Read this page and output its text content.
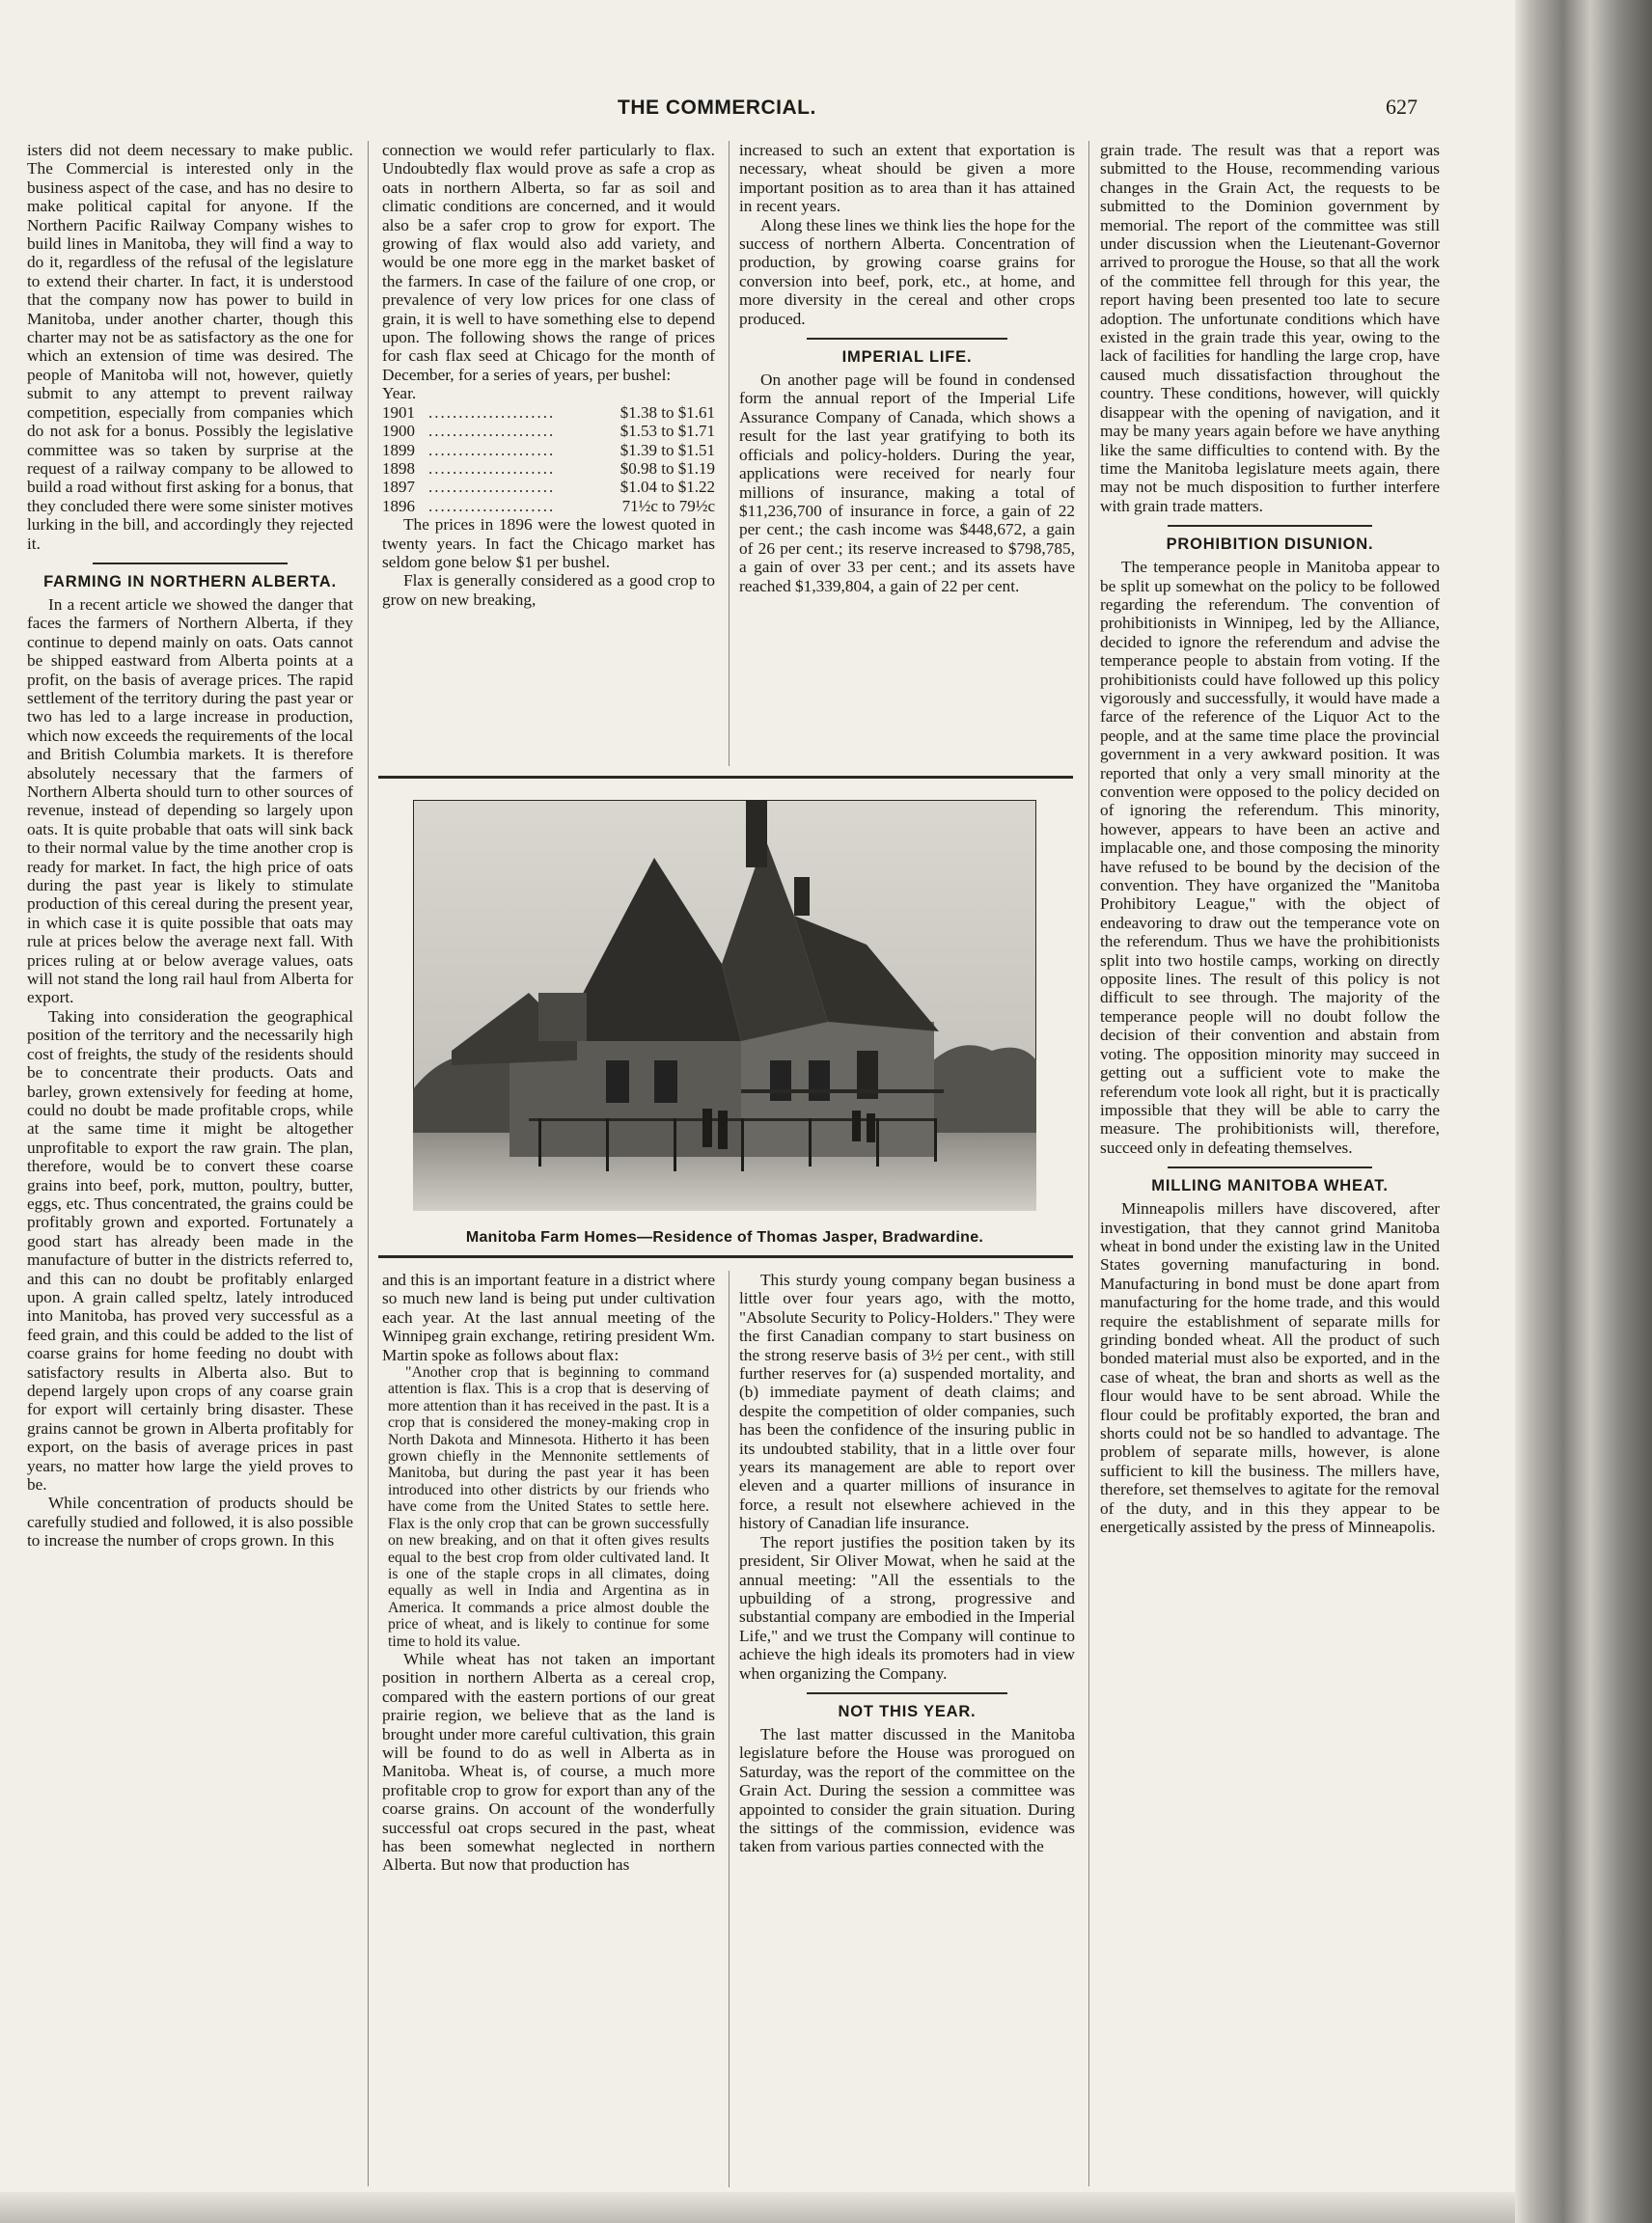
THE COMMERCIAL.	627

isters did not deem necessary to make public. The Commercial is interested only in the business aspect of the case, and has no desire to make political capital for anyone. If the Northern Pacific Railway Company wishes to build lines in Manitoba, they will find a way to do it, regardless of the refusal of the legislature to extend their charter. In fact, it is understood that the company now has power to build in Manitoba, under another charter, though this charter may not be as satisfactory as the one for which an extension of time was desired. The people of Manitoba will not, however, quietly submit to any attempt to prevent railway competition, especially from companies which do not ask for a bonus. Possibly the legislative committee was so taken by surprise at the request of a railway company to be allowed to build a road without first asking for a bonus, that they concluded there were some sinister motives lurking in the bill, and accordingly they rejected it.

FARMING IN NORTHERN ALBERTA.

In a recent article we showed the danger that faces the farmers of Northern Alberta, if they continue to depend mainly on oats. Oats cannot be shipped eastward from Alberta points at a profit, on the basis of average prices. The rapid settlement of the territory during the past year or two has led to a large increase in production, which now exceeds the requirements of the local and British Columbia markets. It is therefore absolutely necessary that the farmers of Northern Alberta should turn to other sources of revenue, instead of depending so largely upon oats. It is quite probable that oats will sink back to their normal value by the time another crop is ready for market. In fact, the high price of oats during the past year is likely to stimulate production of this cereal during the present year, in which case it is quite possible that oats may rule at prices below the average next fall. With prices ruling at or below average values, oats will not stand the long rail haul from Alberta for export.

Taking into consideration the geographical position of the territory and the necessarily high cost of freights, the study of the residents should be to concentrate their products. Oats and barley, grown extensively for feeding at home, could no doubt be made profitable crops, while at the same time it might be altogether unprofitable to export the raw grain. The plan, therefore, would be to convert these coarse grains into beef, pork, mutton, poultry, butter, eggs, etc. Thus concentrated, the grains could be profitably grown and exported. Fortunately a good start has already been made in the manufacture of butter in the districts referred to, and this can no doubt be profitably enlarged upon. A grain called speltz, lately introduced into Manitoba, has proved very successful as a feed grain, and this could be added to the list of coarse grains for home feeding no doubt with satisfactory results in Alberta also. But to depend largely upon crops of any coarse grain for export will certainly bring disaster. These grains cannot be grown in Alberta profitably for export, on the basis of average prices in past years, no matter how large the yield proves to be.

While concentration of products should be carefully studied and followed, it is also possible to increase the number of crops grown. In this

connection we would refer particularly to flax. Undoubtedly flax would prove as safe a crop as oats in northern Alberta, so far as soil and climatic conditions are concerned, and it would also be a safer crop to grow for export. The growing of flax would also add variety, and would be one more egg in the market basket of the farmers. In case of the failure of one crop, or prevalence of very low prices for one class of grain, it is well to have something else to depend upon. The following shows the range of prices for cash flax seed at Chicago for the month of December, for a series of years, per bushel:

Year.
1901	.....................	$1.38 to $1.61
1900	.....................	$1.53 to $1.71
1899	.....................	$1.39 to $1.51
1898	.....................	$0.98 to $1.19
1897	.....................	$1.04 to $1.22
1896	.....................	71½c to 79½c

The prices in 1896 were the lowest quoted in twenty years. In fact the Chicago market has seldom gone below $1 per bushel.

Flax is generally considered as a good crop to grow on new breaking,

increased to such an extent that exportation is necessary, wheat should be given a more important position as to area than it has attained in recent years.

Along these lines we think lies the hope for the success of northern Alberta. Concentration of production, by growing coarse grains for conversion into beef, pork, etc., at home, and more diversity in the cereal and other crops produced.

IMPERIAL LIFE.

On another page will be found in condensed form the annual report of the Imperial Life Assurance Company of Canada, which shows a result for the last year gratifying to both its officials and policy-holders. During the year, applications were received for nearly four millions of insurance, making a total of $11,236,700 of insurance in force, a gain of 22 per cent.; the cash income was $448,672, a gain of 26 per cent.; its reserve increased to $798,785, a gain of over 33 per cent.; and its assets have reached $1,339,804, a gain of 22 per cent.

Manitoba Farm Homes—Residence of Thomas Jasper, Bradwardine.

and this is an important feature in a district where so much new land is being put under cultivation each year. At the last annual meeting of the Winnipeg grain exchange, retiring president Wm. Martin spoke as follows about flax:

"Another crop that is beginning to command attention is flax. This is a crop that is deserving of more attention than it has received in the past. It is a crop that is considered the money-making crop in North Dakota and Minnesota. Hitherto it has been grown chiefly in the Mennonite settlements of Manitoba, but during the past year it has been introduced into other districts by our friends who have come from the United States to settle here. Flax is the only crop that can be grown successfully on new breaking, and on that it often gives results equal to the best crop from older cultivated land. It is one of the staple crops in all climates, doing equally as well in India and Argentina as in America. It commands a price almost double the price of wheat, and is likely to continue for some time to hold its value.

While wheat has not taken an important position in northern Alberta as a cereal crop, compared with the eastern portions of our great prairie region, we believe that as the land is brought under more careful cultivation, this grain will be found to do as well in Alberta as in Manitoba. Wheat is, of course, a much more profitable crop to grow for export than any of the coarse grains. On account of the wonderfully successful oat crops secured in the past, wheat has been somewhat neglected in northern Alberta. But now that production has

This sturdy young company began business a little over four years ago, with the motto, "Absolute Security to Policy-Holders." They were the first Canadian company to start business on the strong reserve basis of 3½ per cent., with still further reserves for (a) suspended mortality, and (b) immediate payment of death claims; and despite the competition of older companies, such has been the confidence of the insuring public in its undoubted stability, that in a little over four years its management are able to report over eleven and a quarter millions of insurance in force, a result not elsewhere achieved in the history of Canadian life insurance.

The report justifies the position taken by its president, Sir Oliver Mowat, when he said at the annual meeting: "All the essentials to the upbuilding of a strong, progressive and substantial company are embodied in the Imperial Life," and we trust the Company will continue to achieve the high ideals its promoters had in view when organizing the Company.

NOT THIS YEAR.

The last matter discussed in the Manitoba legislature before the House was prorogued on Saturday, was the report of the committee on the Grain Act. During the session a committee was appointed to consider the grain situation. During the sittings of the commission, evidence was taken from various parties connected with the

grain trade. The result was that a report was submitted to the House, recommending various changes in the Grain Act, the requests to be submitted to the Dominion government by memorial. The report of the committee was still under discussion when the Lieutenant-Governor arrived to prorogue the House, so that all the work of the committee fell through for this year, the report having been presented too late to secure adoption. The unfortunate conditions which have existed in the grain trade this year, owing to the lack of facilities for handling the large crop, have caused much dissatisfaction throughout the country. These conditions, however, will quickly disappear with the opening of navigation, and it may be many years again before we have anything like the same difficulties to contend with. By the time the Manitoba legislature meets again, there may not be much disposition to further interfere with grain trade matters.

PROHIBITION DISUNION.

The temperance people in Manitoba appear to be split up somewhat on the policy to be followed regarding the referendum. The convention of prohibitionists in Winnipeg, led by the Alliance, decided to ignore the referendum and advise the temperance people to abstain from voting. If the prohibitionists could have followed up this policy vigorously and successfully, it would have made a farce of the reference of the Liquor Act to the people, and at the same time place the provincial government in a very awkward position. It was reported that only a very small minority at the convention were opposed to the policy decided on of ignoring the referendum. This minority, however, appears to have been an active and implacable one, and those composing the minority have refused to be bound by the decision of the convention. They have organized the "Manitoba Prohibitory League," with the object of endeavoring to draw out the temperance vote on the referendum. Thus we have the prohibitionists split into two hostile camps, working on directly opposite lines. The result of this policy is not difficult to see through. The majority of the temperance people will no doubt follow the decision of their convention and abstain from voting. The opposition minority may succeed in getting out a sufficient vote to make the referendum vote look all right, but it is practically impossible that they will be able to carry the measure. The prohibitionists will, therefore, succeed only in defeating themselves.

MILLING MANITOBA WHEAT.

Minneapolis millers have discovered, after investigation, that they cannot grind Manitoba wheat in bond under the existing law in the United States governing manufacturing in bond. Manufacturing in bond must be done apart from manufacturing for the home trade, and this would require the establishment of separate mills for grinding bonded wheat. All the product of such bonded material must also be exported, and in the case of wheat, the bran and shorts as well as the flour would have to be sent abroad. While the flour could be profitably exported, the bran and shorts could not be so handled to advantage. The problem of separate mills, however, is alone sufficient to kill the business. The millers have, therefore, set themselves to agitate for the removal of the duty, and in this they appear to be energetically assisted by the press of Minneapolis.
